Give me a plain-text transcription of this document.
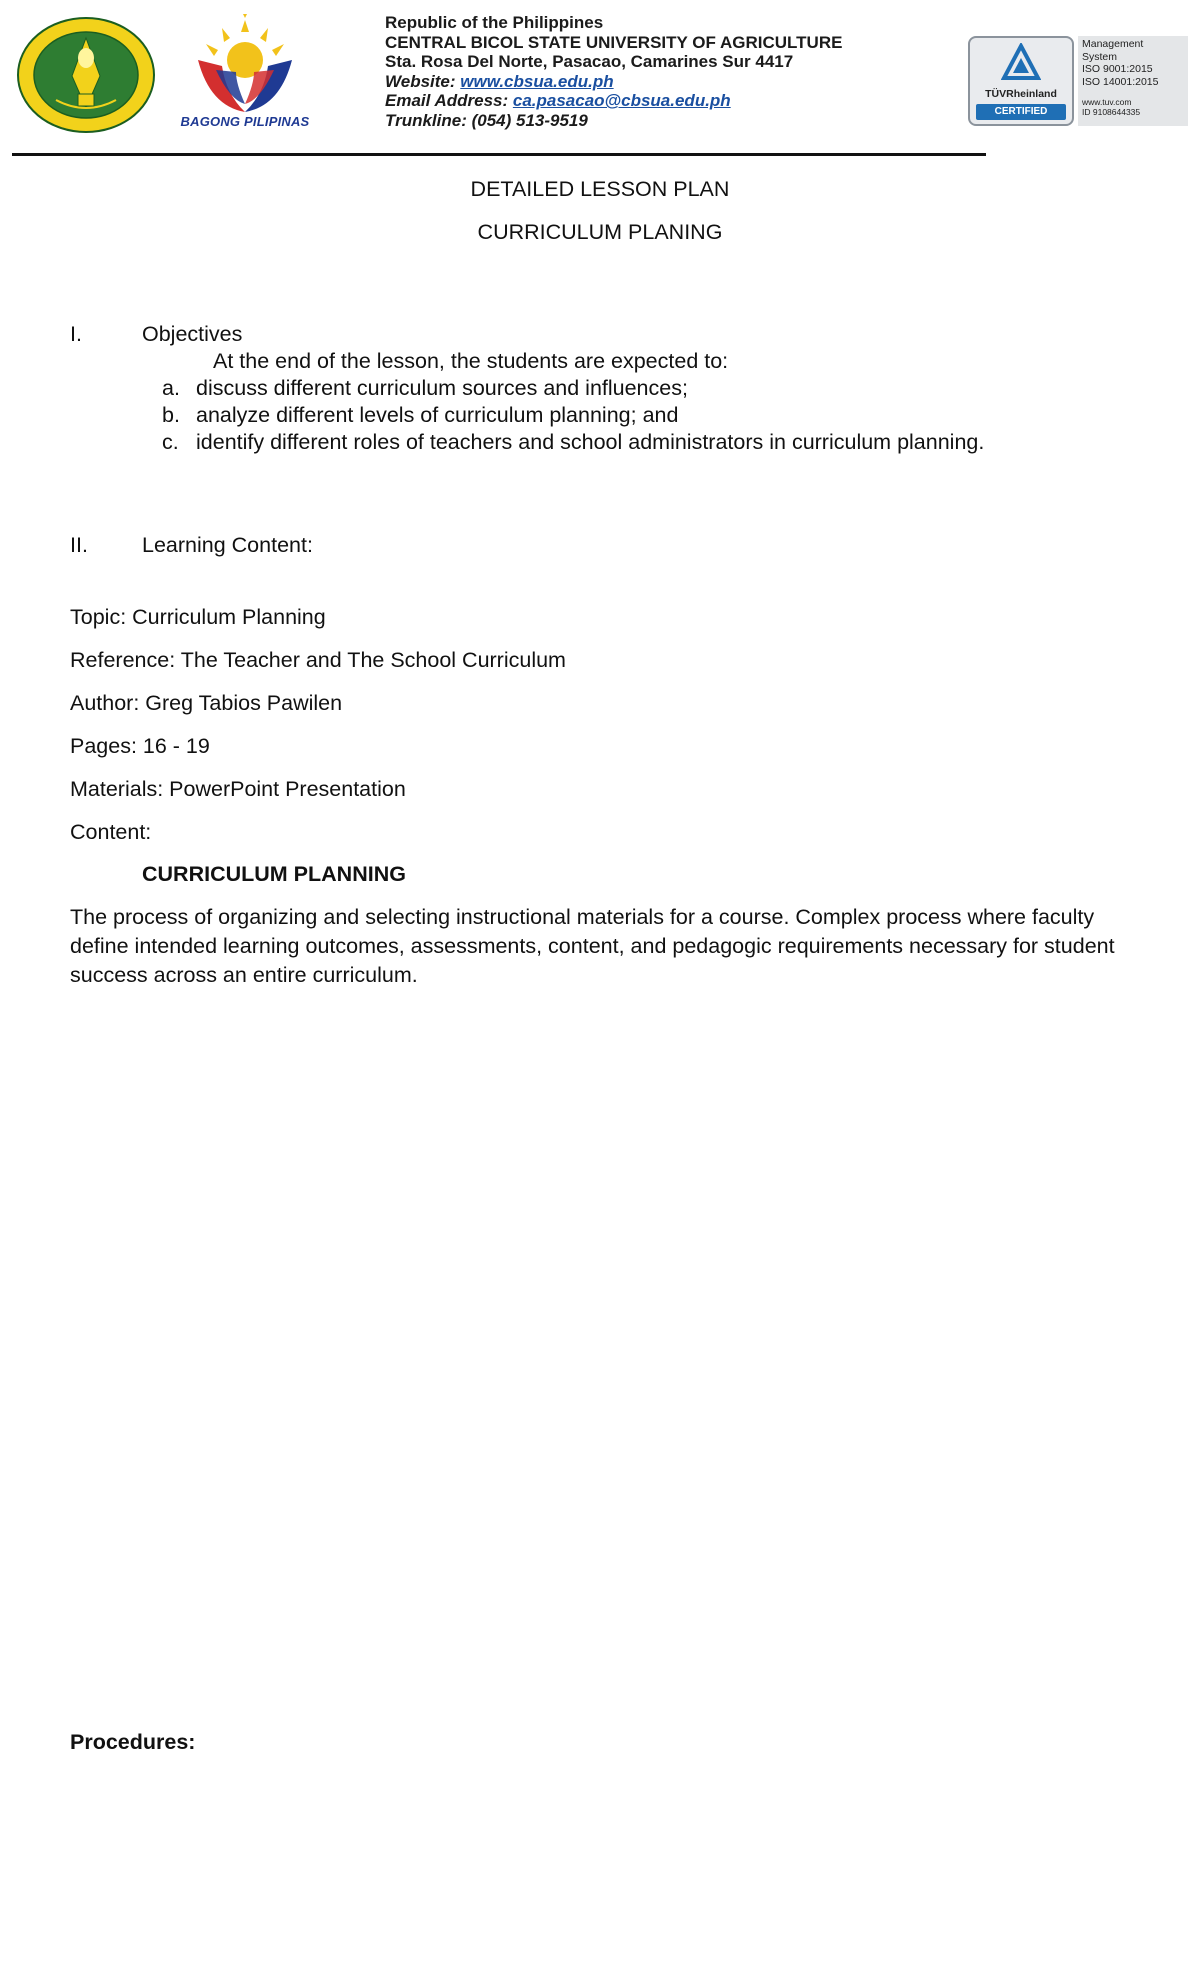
BAGONG PILIPINAS
Republic of the Philippines
CENTRAL BICOL STATE UNIVERSITY OF AGRICULTURE
Sta. Rosa Del Norte, Pasacao, Camarines Sur 4417
Website: www.cbsua.edu.ph
Email Address: ca.pasacao@cbsua.edu.ph
Trunkline: (054) 513-9519
TÜVRheinland
CERTIFIED
Management
System
ISO 9001:2015
ISO 14001:2015
www.tuv.com
ID 9108644335
DETAILED LESSON PLAN
CURRICULUM PLANING
I.	Objectives
At the end of the lesson, the students are expected to:
a. discuss different curriculum sources and influences;
b. analyze different levels of curriculum planning; and
c. identify different roles of teachers and school administrators in curriculum planning.
II.	Learning Content:
Topic: Curriculum Planning
Reference: The Teacher and The School Curriculum
Author: Greg Tabios Pawilen
Pages: 16 - 19
Materials: PowerPoint Presentation
Content:
CURRICULUM PLANNING
The process of organizing and selecting instructional materials for a course. Complex process where faculty define intended learning outcomes, assessments, content, and pedagogic requirements necessary for student success across an entire curriculum.
Procedures:
